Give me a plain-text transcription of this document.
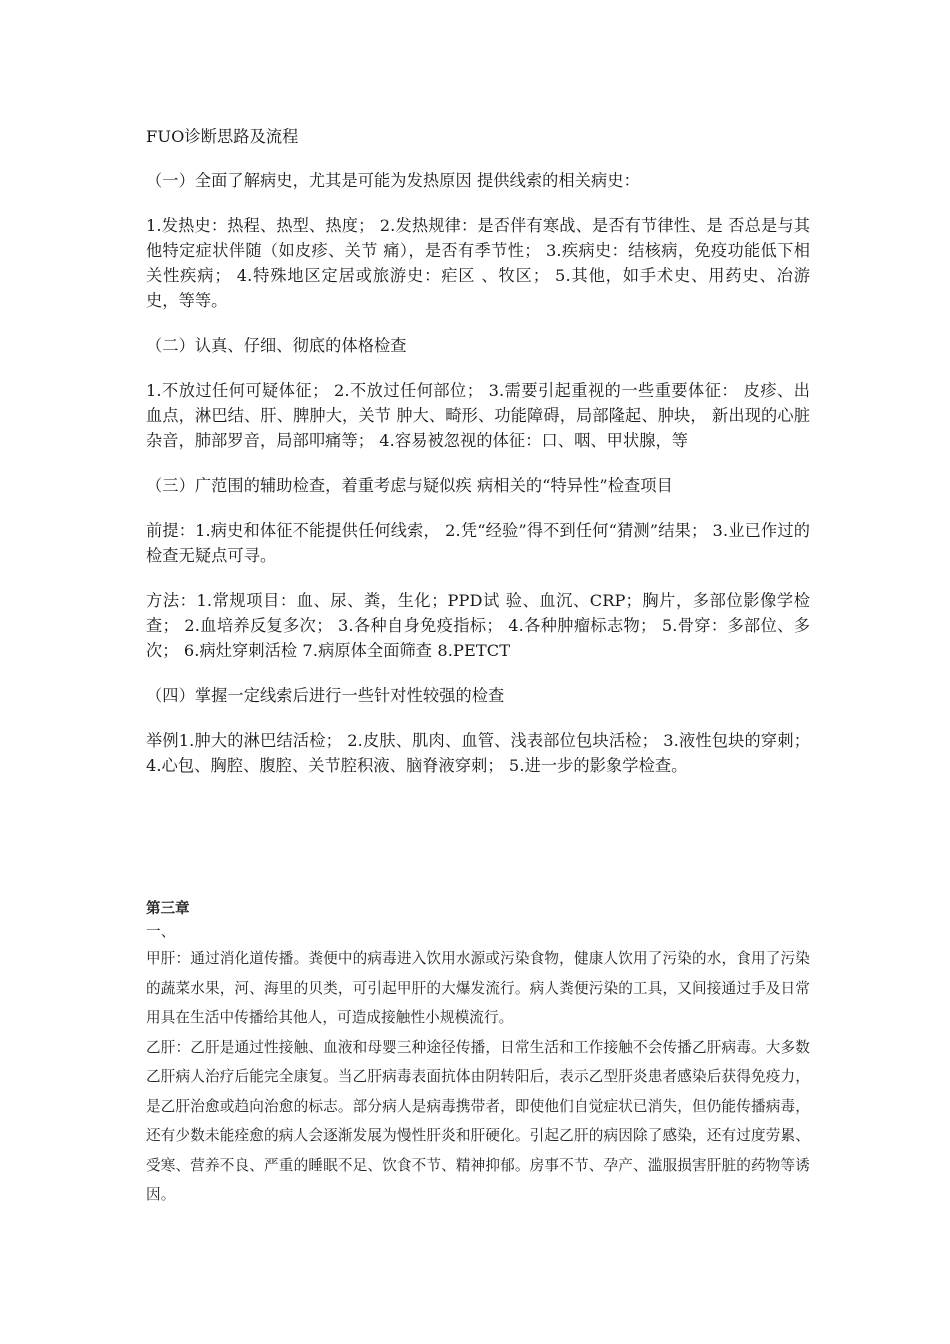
FUO诊断思路及流程

（一）全面了解病史，尤其是可能为发热原因 提供线索的相关病史：

1.发热史：热程、热型、热度； 2.发热规律：是否伴有寒战、是否有节律性、是 否总是与其他特定症状伴随（如皮疹、关节 痛），是否有季节性； 3.疾病史：结核病，免疫功能低下相关性疾病； 4.特殊地区定居或旅游史：疟区 、牧区； 5.其他，如手术史、用药史、冶游史，等等。

（二）认真、仔细、彻底的体格检查

1.不放过任何可疑体征； 2.不放过任何部位； 3.需要引起重视的一些重要体征： 皮疹、出血点，淋巴结、肝、脾肿大，关节 肿大、畸形、功能障碍，局部隆起、肿块， 新出现的心脏杂音，肺部罗音，局部叩痛等； 4.容易被忽视的体征：口、咽、甲状腺，等

（三）广范围的辅助检查，着重考虑与疑似疾 病相关的“特异性”检查项目

前提：1.病史和体征不能提供任何线索， 2.凭“经验”得不到任何“猜测”结果； 3.业已作过的检查无疑点可寻。

方法：1.常规项目：血、尿、粪，生化；PPD试 验、血沉、CRP；胸片，多部位影像学检查； 2.血培养反复多次； 3.各种自身免疫指标； 4.各种肿瘤标志物； 5.骨穿：多部位、多次； 6.病灶穿刺活检 7.病原体全面筛查 8.PETCT

（四）掌握一定线索后进行一些针对性较强的检查

举例1.肿大的淋巴结活检； 2.皮肤、肌肉、血管、浅表部位包块活检； 3.液性包块的穿刺； 4.心包、胸腔、腹腔、关节腔积液、脑脊液穿刺； 5.进一步的影象学检查。

第三章

一、

甲肝：通过消化道传播。粪便中的病毒进入饮用水源或污染食物，健康人饮用了污染的水，食用了污染的蔬菜水果，河、海里的贝类，可引起甲肝的大爆发流行。病人粪便污染的工具，又间接通过手及日常用具在生活中传播给其他人，可造成接触性小规模流行。

乙肝：乙肝是通过性接触、血液和母婴三种途径传播，日常生活和工作接触不会传播乙肝病毒。大多数乙肝病人治疗后能完全康复。当乙肝病毒表面抗体由阴转阳后，表示乙型肝炎患者感染后获得免疫力，是乙肝治愈或趋向治愈的标志。部分病人是病毒携带者，即使他们自觉症状已消失，但仍能传播病毒，还有少数未能痊愈的病人会逐渐发展为慢性肝炎和肝硬化。引起乙肝的病因除了感染，还有过度劳累、受寒、营养不良、严重的睡眠不足、饮食不节、精神抑郁。房事不节、孕产、滥服损害肝脏的药物等诱因。
